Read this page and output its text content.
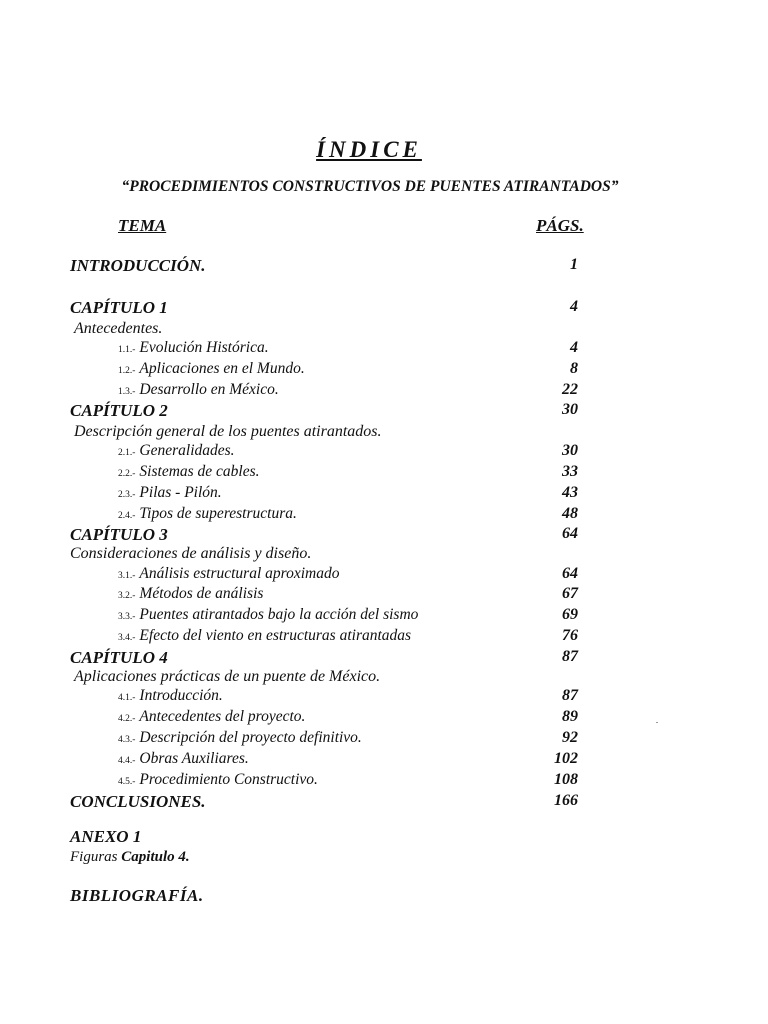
ÍNDICE
“PROCEDIMIENTOS CONSTRUCTIVOS DE PUENTES ATIRANTADOS”
TEMA	PÁGS.
INTRODUCCIÓN.	1
CAPÍTULO 1	4
Antecedentes.
1.1.- Evolución Histórica.	4
1.2.- Aplicaciones en el Mundo.	8
1.3.- Desarrollo en México.	22
CAPÍTULO 2	30
Descripción general de los puentes atirantados.
2.1.- Generalidades.	30
2.2.- Sistemas de cables.	33
2.3.- Pilas - Pilón.	43
2.4.- Tipos de superestructura.	48
CAPÍTULO 3	64
Consideraciones de análisis y diseño.
3.1.- Análisis estructural aproximado	64
3.2.- Métodos de análisis	67
3.3.- Puentes atirantados bajo la acción del sismo	69
3.4.- Efecto del viento en estructuras atirantadas	76
CAPÍTULO 4	87
Aplicaciones prácticas de un puente de México.
4.1.- Introducción.	87
4.2.- Antecedentes del proyecto.	89
4.3.- Descripción del proyecto definitivo.	92
4.4.- Obras Auxiliares.	102
4.5.- Procedimiento Constructivo.	108
CONCLUSIONES.	166
ANEXO 1
Figuras Capitulo 4.
BIBLIOGRAFÍA.
